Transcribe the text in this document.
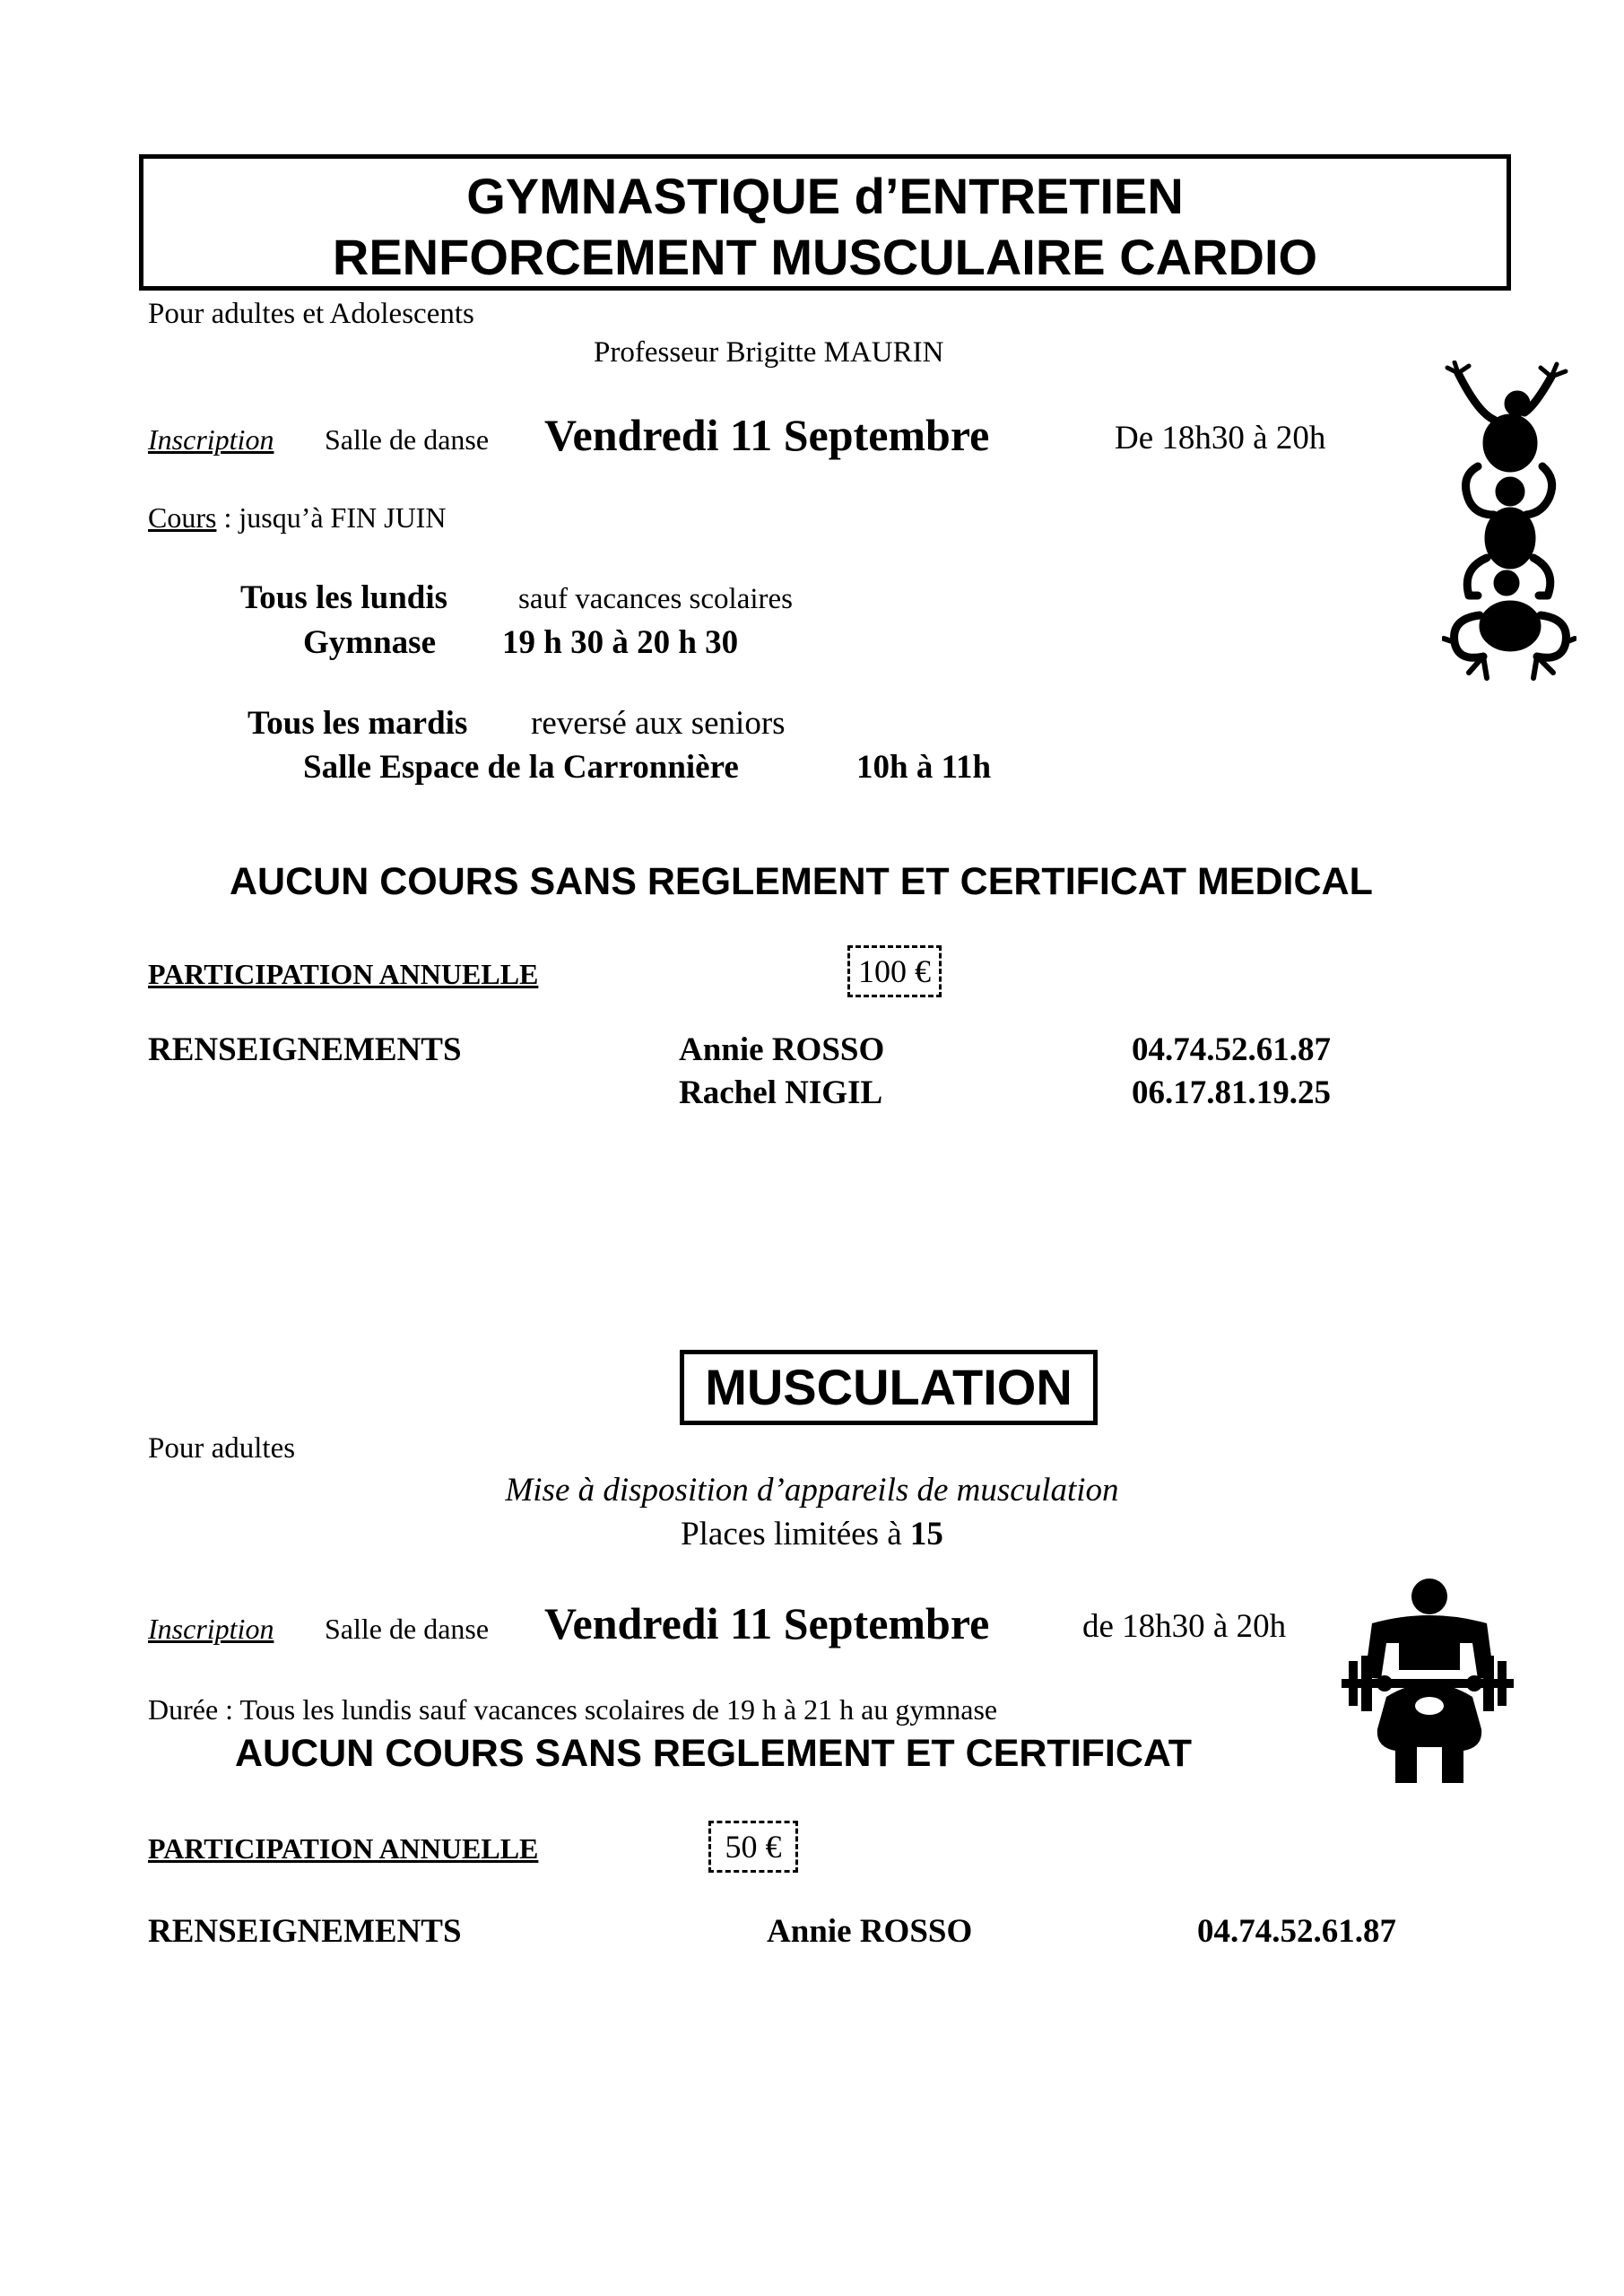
GYMNASTIQUE d’ENTRETIEN
RENFORCEMENT MUSCULAIRE CARDIO
Pour adultes et Adolescents
Professeur Brigitte MAURIN
Inscription Salle de danse Vendredi 11 Septembre	De 18h30 à 20h
Cours : jusqu’à FIN JUIN
Tous les lundis sauf vacances scolaires
Gymnase 19 h 30 à 20 h 30
Tous les mardis reversé aux seniors
Salle Espace de la Carronnière	10h à 11h
AUCUN COURS SANS REGLEMENT ET CERTIFICAT MEDICAL
PARTICIPATION ANNUELLE	100 €
RENSEIGNEMENTS	Annie ROSSO	04.74.52.61.87
Rachel NIGIL	06.17.81.19.25
MUSCULATION
Pour adultes
Mise à disposition d’appareils de musculation
Places limitées à 15
Inscription Salle de danse Vendredi 11 Septembre	de 18h30 à 20h
Durée : Tous les lundis sauf vacances scolaires de 19 h à 21 h au gymnase
AUCUN COURS SANS REGLEMENT ET CERTIFICAT
PARTICIPATION ANNUELLE	50 €
RENSEIGNEMENTS	Annie ROSSO	04.74.52.61.87
